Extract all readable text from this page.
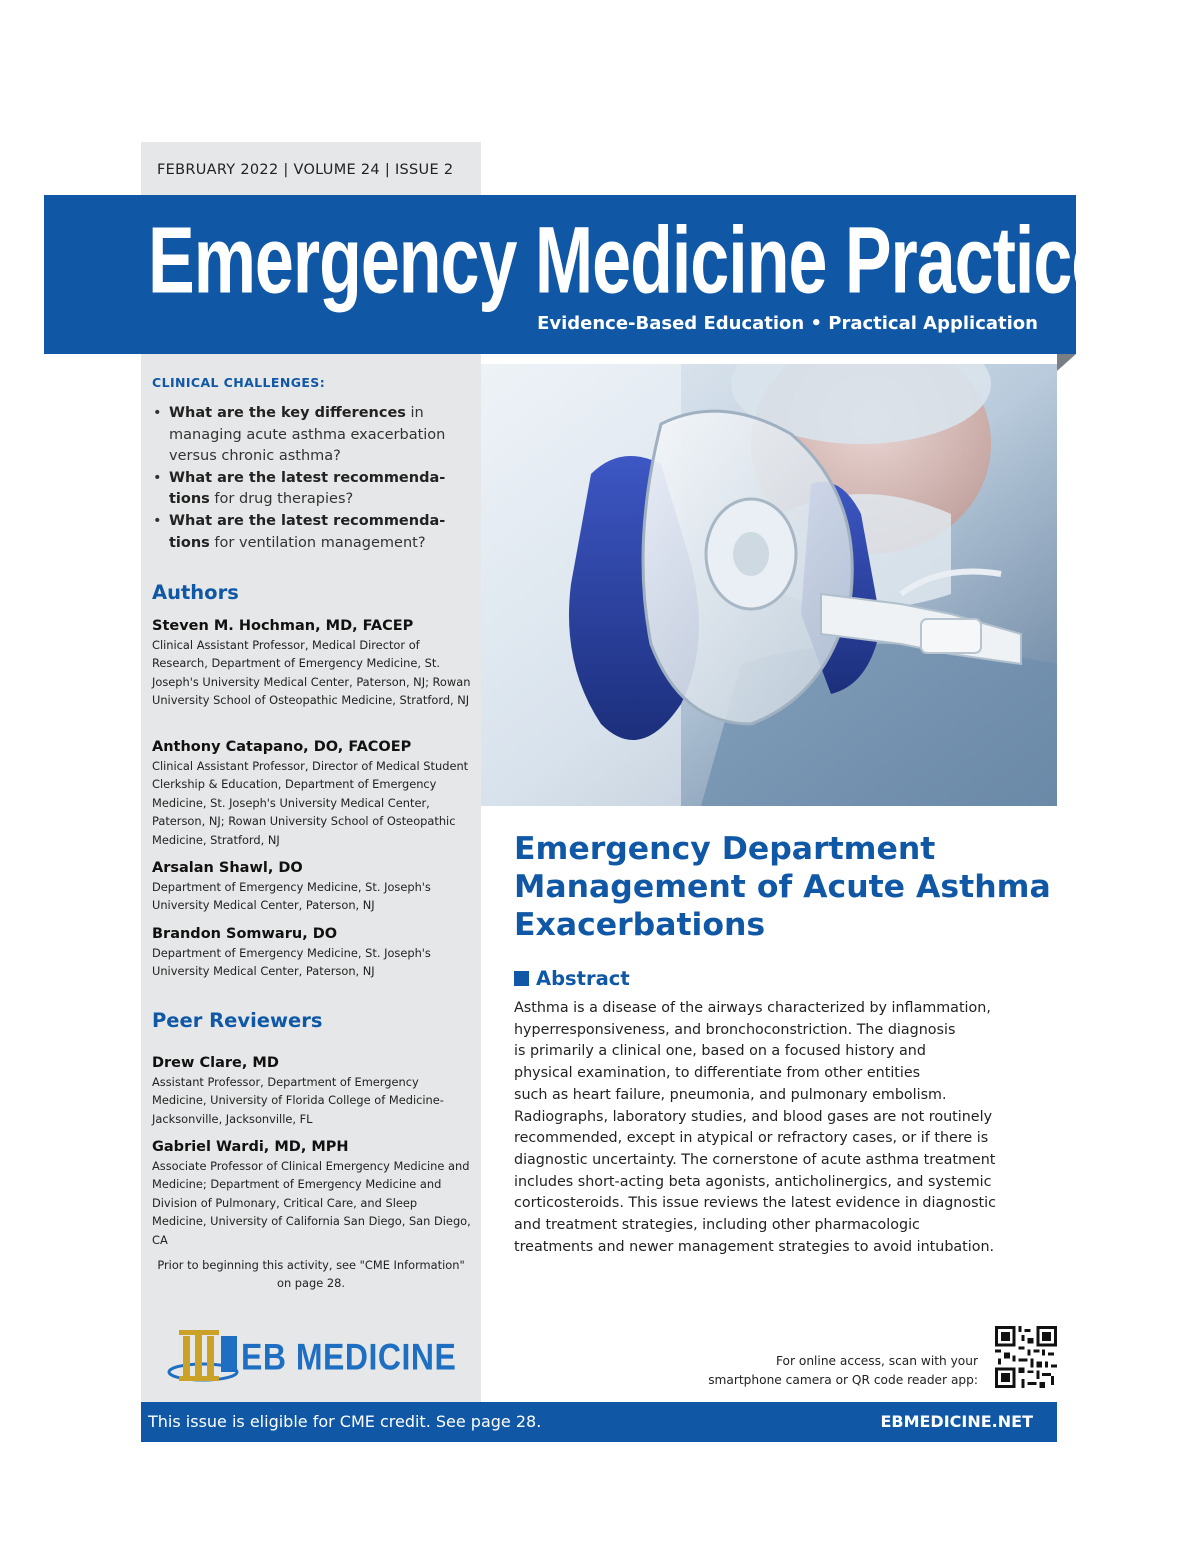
FEBRUARY 2022 | VOLUME 24 | ISSUE 2
Emergency Medicine Practice
Evidence-Based Education • Practical Application
CLINICAL CHALLENGES:
• What are the key differences in managing acute asthma exacerbation versus chronic asthma?
• What are the latest recommenda-tions for drug therapies?
• What are the latest recommenda-tions for ventilation management?
Authors
Steven M. Hochman, MD, FACEP
Clinical Assistant Professor, Medical Director of Research, Department of Emergency Medicine, St. Joseph's University Medical Center, Paterson, NJ; Rowan University School of Osteopathic Medicine, Stratford, NJ
Anthony Catapano, DO, FACOEP
Clinical Assistant Professor, Director of Medical Student Clerkship & Education, Department of Emergency Medicine, St. Joseph's University Medical Center, Paterson, NJ; Rowan University School of Osteopathic Medicine, Stratford, NJ
Arsalan Shawl, DO
Department of Emergency Medicine, St. Joseph's University Medical Center, Paterson, NJ
Brandon Somwaru, DO
Department of Emergency Medicine, St. Joseph's University Medical Center, Paterson, NJ
Peer Reviewers
Drew Clare, MD
Assistant Professor, Department of Emergency Medicine, University of Florida College of Medicine-Jacksonville, Jacksonville, FL
Gabriel Wardi, MD, MPH
Associate Professor of Clinical Emergency Medicine and Medicine; Department of Emergency Medicine and Division of Pulmonary, Critical Care, and Sleep Medicine, University of California San Diego, San Diego, CA
Prior to beginning this activity, see "CME Information" on page 28.
EB MEDICINE
Emergency Department Management of Acute Asthma Exacerbations
Abstract
Asthma is a disease of the airways characterized by inflammation,
hyperresponsiveness, and bronchoconstriction. The diagnosis
is primarily a clinical one, based on a focused history and
physical examination, to differentiate from other entities
such as heart failure, pneumonia, and pulmonary embolism.
Radiographs, laboratory studies, and blood gases are not routinely
recommended, except in atypical or refractory cases, or if there is
diagnostic uncertainty. The cornerstone of acute asthma treatment
includes short-acting beta agonists, anticholinergics, and systemic
corticosteroids. This issue reviews the latest evidence in diagnostic
and treatment strategies, including other pharmacologic
treatments and newer management strategies to avoid intubation.
For online access, scan with your
smartphone camera or QR code reader app:
This issue is eligible for CME credit. See page 28.	EBMEDICINE.NET
